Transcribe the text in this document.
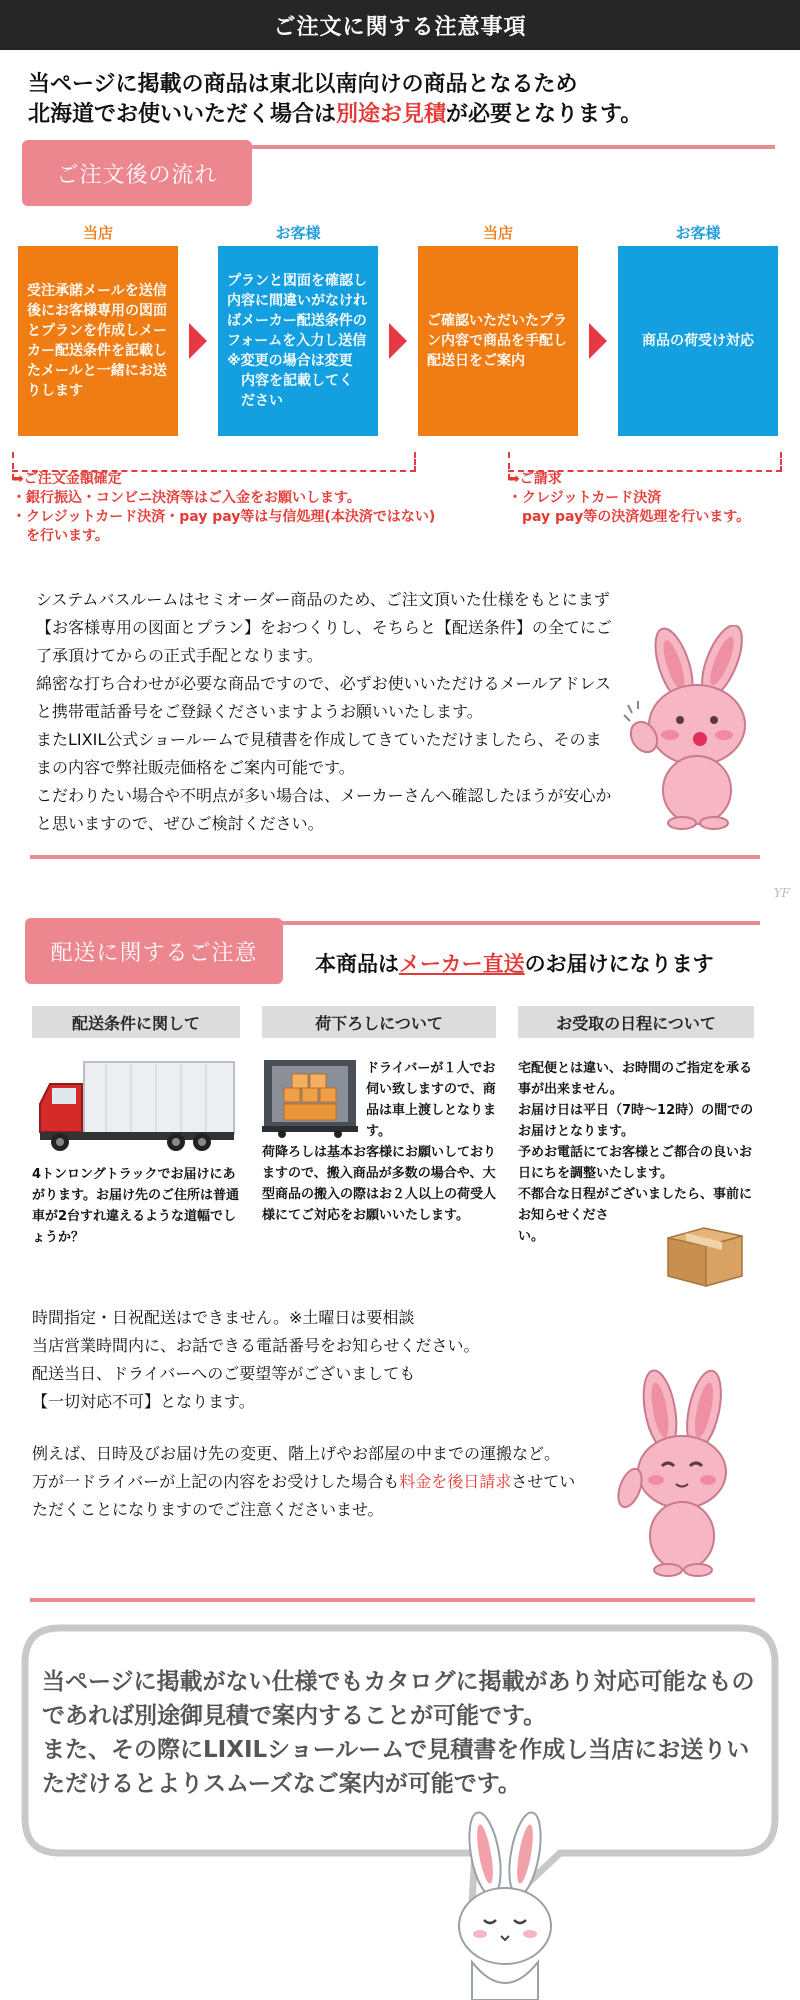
ご注文に関する注意事項
当ページに掲載の商品は東北以南向けの商品となるため
北海道でお使いいただく場合は別途お見積が必要となります。
ご注文後の流れ
当店	お客様	当店	お客様
受注承諾メールを送信後にお客様専用の図面とプランを作成しメーカー配送条件を記載したメールと一緒にお送りします
プランと図面を確認し内容に間違いがなければメーカー配送条件のフォームを入力し送信
※変更の場合は変更
　内容を記載してく
　ださい
ご確認いただいたプラン内容で商品を手配し配送日をご案内
商品の荷受け対応
➡ご注文金額確定
・銀行振込・コンビニ決済等はご入金をお願いします。
・クレジットカード決済・pay pay等は与信処理(本決済ではない)
　を行います。
➡ご請求
・クレジットカード決済
　pay pay等の決済処理を行います。
システムバスルームはセミオーダー商品のため、ご注文頂いた仕様をもとにまず【お客様専用の図面とプラン】をおつくりし、そちらと【配送条件】の全てにご了承頂けてからの正式手配となります。
綿密な打ち合わせが必要な商品ですので、必ずお使いいただけるメールアドレスと携帯電話番号をご登録くださいますようお願いいたします。
またLIXIL公式ショールームで見積書を作成してきていただけましたら、そのままの内容で弊社販売価格をご案内可能です。
こだわりたい場合や不明点が多い場合は、メーカーさんへ確認したほうが安心かと思いますので、ぜひご検討ください。
YF
配送に関するご注意	本商品はメーカー直送のお届けになります
配送条件に関して	荷下ろしについて	お受取の日程について
4トンロングトラックでお届けにあがります。お届け先のご住所は普通車が2台すれ違えるような道幅でしょうか？
ドライバーが１人でお伺い致しますので、商品は車上渡しとなります。
荷降ろしは基本お客様にお願いしておりますので、搬入商品が多数の場合や、大型商品の搬入の際はお２人以上の荷受人様にてご対応をお願いいたします。
宅配便とは違い、お時間のご指定を承る事が出来ません。
お届け日は平日（7時〜12時）の間でのお届けとなります。
予めお電話にてお客様とご都合の良いお日にちを調整いたします。
不都合な日程がございましたら、事前にお知らせくださ
い。
時間指定・日祝配送はできません。※土曜日は要相談
当店営業時間内に、お話できる電話番号をお知らせください。
配送当日、ドライバーへのご要望等がございましても
【一切対応不可】となります。
例えば、日時及びお届け先の変更、階上げやお部屋の中までの運搬など。
万が一ドライバーが上記の内容をお受けした場合も料金を後日請求させていただくことになりますのでご注意くださいませ。
当ページに掲載がない仕様でもカタログに掲載があり対応可能なものであれば別途御見積で案内することが可能です。
また、その際にLIXILショールームで見積書を作成し当店にお送りいただけるとよりスムーズなご案内が可能です。
